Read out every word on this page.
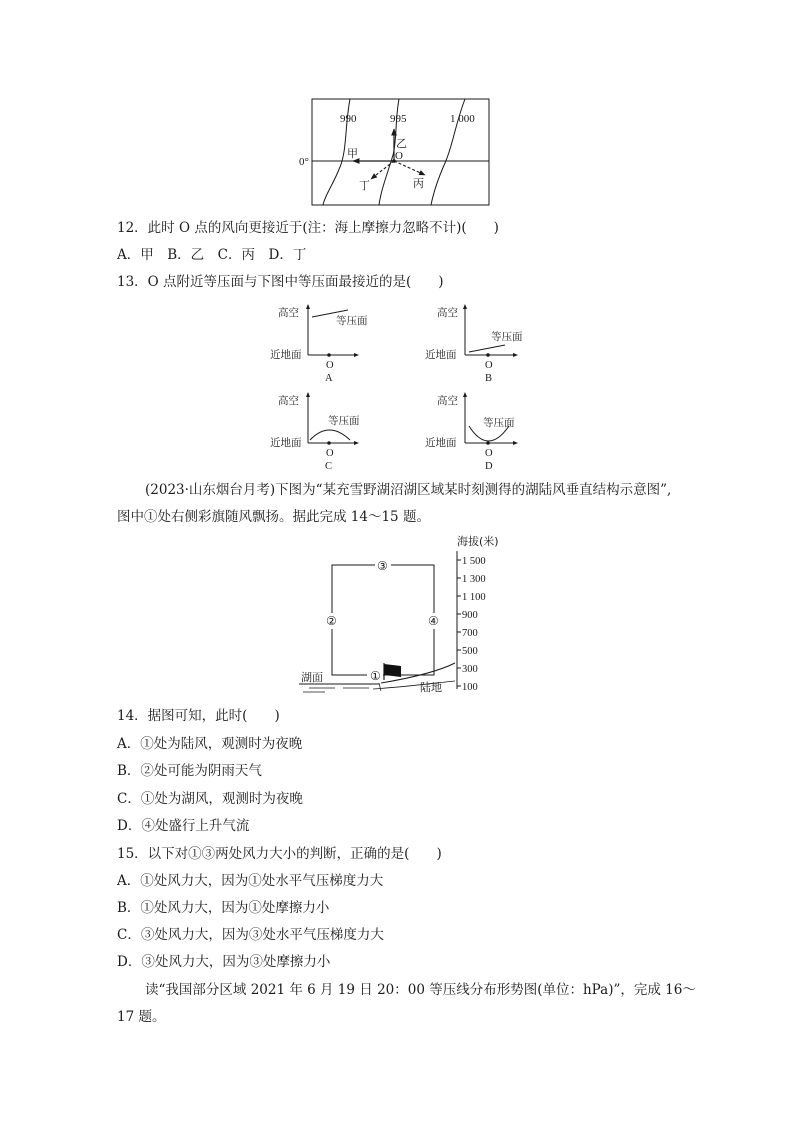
990	995	1 000
0°	O
甲
乙
丙
丁
12．此时 O 点的风向更接近于(注：海上摩擦力忽略不计)(　　)
A．甲　B．乙　C．丙　D．丁
13．O 点附近等压面与下图中等压面最接近的是(　　)
高空
近地面
等压面
O
A
高空
近地面
等压面
O
B
高空
近地面
等压面
O
C
高空
近地面
等压面
O
D
(2023·山东烟台月考)下图为“某充雪野湖沼湖区域某时刻测得的湖陆风垂直结构示意图”,
图中①处右侧彩旗随风飘扬。据此完成 14～15 题。
③
②	④
①
湖面
陆地
海拔(米)
1 500
1 300
1 100
900
700
500
300
100
14．据图可知，此时(　　)
A．①处为陆风，观测时为夜晚
B．②处可能为阴雨天气
C．①处为湖风，观测时为夜晚
D．④处盛行上升气流
15．以下对①③两处风力大小的判断，正确的是(　　)
A．①处风力大，因为①处水平气压梯度力大
B．①处风力大，因为①处摩擦力小
C．③处风力大，因为③处水平气压梯度力大
D．③处风力大，因为③处摩擦力小
读“我国部分区域 2021 年 6 月 19 日 20：00 等压线分布形势图(单位：hPa)”，完成 16～
17 题。
